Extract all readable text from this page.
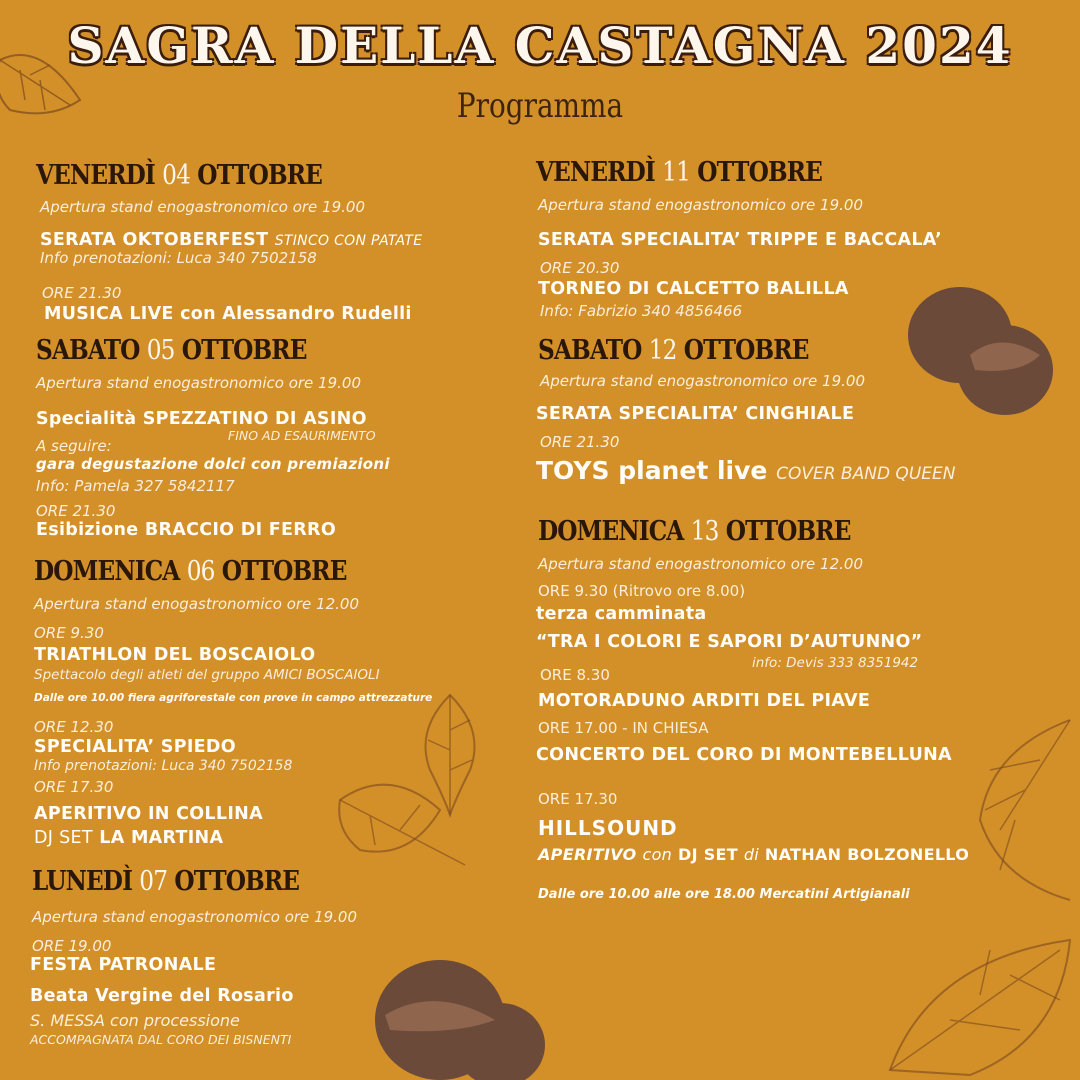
SAGRA DELLA CASTAGNA 2024
Programma
VENERDÌ 04 OTTOBRE
Apertura stand enogastronomico ore 19.00
SERATA OKTOBERFEST STINCO CON PATATE
Info prenotazioni: Luca 340 7502158
ORE 21.30
MUSICA LIVE con Alessandro Rudelli
SABATO 05 OTTOBRE
Apertura stand enogastronomico ore 19.00
Specialità SPEZZATINO DI ASINO
FINO AD ESAURIMENTO
A seguire:
gara degustazione dolci con premiazioni
Info: Pamela 327 5842117
ORE 21.30
Esibizione BRACCIO DI FERRO
DOMENICA 06 OTTOBRE
Apertura stand enogastronomico ore 12.00
ORE 9.30
TRIATHLON DEL BOSCAIOLO
Spettacolo degli atleti del gruppo AMICI BOSCAIOLI
Dalle ore 10.00 fiera agriforestale con prove in campo attrezzature
ORE 12.30
SPECIALITA’ SPIEDO
Info prenotazioni: Luca 340 7502158
ORE 17.30
APERITIVO IN COLLINA
DJ SET LA MARTINA
LUNEDÌ 07 OTTOBRE
Apertura stand enogastronomico ore 19.00
ORE 19.00
FESTA PATRONALE
Beata Vergine del Rosario
S. MESSA con processione
ACCOMPAGNATA DAL CORO DEI BISNENTI
VENERDÌ 11 OTTOBRE
Apertura stand enogastronomico ore 19.00
SERATA SPECIALITA’ TRIPPE E BACCALA’
ORE 20.30
TORNEO DI CALCETTO BALILLA
Info: Fabrizio 340 4856466
SABATO 12 OTTOBRE
Apertura stand enogastronomico ore 19.00
SERATA SPECIALITA’ CINGHIALE
ORE 21.30
TOYS planet live COVER BAND QUEEN
DOMENICA 13 OTTOBRE
Apertura stand enogastronomico ore 12.00
ORE 9.30 (Ritrovo ore 8.00)
terza camminata
“TRA I COLORI E SAPORI D’AUTUNNO”
info: Devis 333 8351942
ORE 8.30
MOTORADUNO ARDITI DEL PIAVE
ORE 17.00 - IN CHIESA
CONCERTO DEL CORO DI MONTEBELLUNA
ORE 17.30
HILLSOUND
APERITIVO con DJ SET di NATHAN BOLZONELLO
Dalle ore 10.00 alle ore 18.00 Mercatini Artigianali
